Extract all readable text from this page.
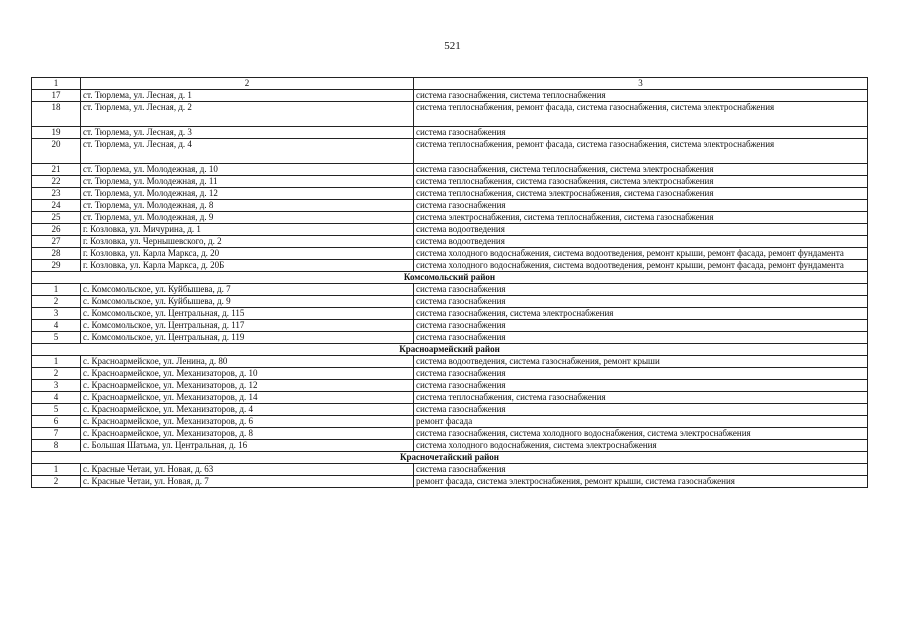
521
1	2	3
17	ст. Тюрлема, ул. Лесная, д. 1	система газоснабжения, система теплоснабжения
18	ст. Тюрлема, ул. Лесная, д. 2	система теплоснабжения, ремонт фасада, система газоснабжения, система электроснабжения
19	ст. Тюрлема, ул. Лесная, д. 3	система газоснабжения
20	ст. Тюрлема, ул. Лесная, д. 4	система теплоснабжения, ремонт фасада, система газоснабжения, система электроснабжения
21	ст. Тюрлема, ул. Молодежная, д. 10	система газоснабжения, система теплоснабжения, система электроснабжения
22	ст. Тюрлема, ул. Молодежная, д. 11	система теплоснабжения, система газоснабжения, система электроснабжения
23	ст. Тюрлема, ул. Молодежная, д. 12	система теплоснабжения, система электроснабжения, система газоснабжения
24	ст. Тюрлема, ул. Молодежная, д. 8	система газоснабжения
25	ст. Тюрлема, ул. Молодежная, д. 9	система электроснабжения, система теплоснабжения, система газоснабжения
26	г. Козловка, ул. Мичурина, д. 1	система водоотведения
27	г. Козловка, ул. Чернышевского, д. 2	система водоотведения
28	г. Козловка, ул. Карла Маркса, д. 20	система холодного водоснабжения, система водоотведения, ремонт крыши, ремонт фасада, ремонт фундамента
29	г. Козловка, ул. Карла Маркса, д. 20Б	система холодного водоснабжения, система водоотведения, ремонт крыши, ремонт фасада, ремонт фундамента
Комсомольский район		
1	с. Комсомольское, ул. Куйбышева, д. 7	система газоснабжения
2	с. Комсомольское, ул. Куйбышева, д. 9	система газоснабжения
3	с. Комсомольское, ул. Центральная, д. 115	система газоснабжения, система электроснабжения
4	с. Комсомольское, ул. Центральная, д. 117	система газоснабжения
5	с. Комсомольское, ул. Центральная, д. 119	система газоснабжения
Красноармейский район		
1	с. Красноармейское, ул. Ленина, д. 80	система водоотведения, система газоснабжения, ремонт крыши
2	с. Красноармейское, ул. Механизаторов, д. 10	система газоснабжения
3	с. Красноармейское, ул. Механизаторов, д. 12	система газоснабжения
4	с. Красноармейское, ул. Механизаторов, д. 14	система теплоснабжения, система газоснабжения
5	с. Красноармейское, ул. Механизаторов, д. 4	система газоснабжения
6	с. Красноармейское, ул. Механизаторов, д. 6	ремонт фасада
7	с. Красноармейское, ул. Механизаторов, д. 8	система газоснабжения, система холодного водоснабжения, система электроснабжения
8	с. Большая Шатьма, ул. Центральная, д. 16	система холодного водоснабжения, система электроснабжения
Красночетайский район		
1	с. Красные Четаи, ул. Новая, д. 63	система газоснабжения
2	с. Красные Четаи, ул. Новая, д. 7	ремонт фасада, система электроснабжения, ремонт крыши, система газоснабжения
